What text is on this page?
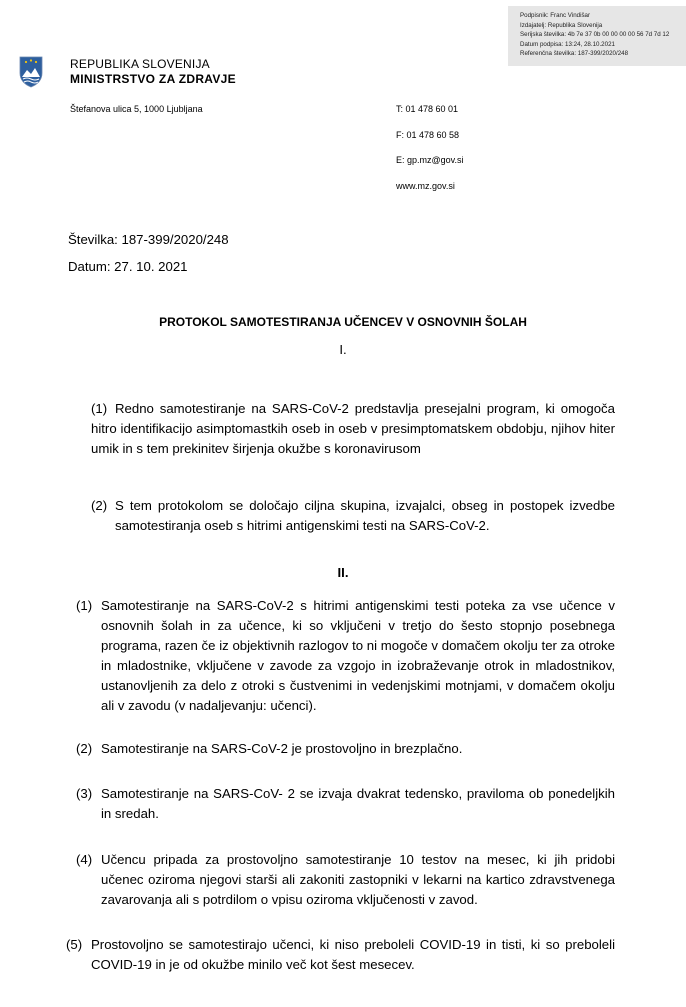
Podpisnik: Franc Vindišar
Izdajatelj: Republika Slovenija
Serijska številka: 4b 7e 37 0b 00 00 00 00 56 7d 7d 12
Datum podpisa: 13:24, 28.10.2021
Referenčna številka: 187-399/2020/248
REPUBLIKA SLOVENIJA
MINISTRSTVO ZA ZDRAVJE
Štefanova ulica 5, 1000 Ljubljana	T: 01 478 60 01
F: 01 478 60 58
E: gp.mz@gov.si
www.mz.gov.si
Številka: 187-399/2020/248
Datum: 27. 10. 2021
PROTOKOL SAMOTESTIRANJA UČENCEV V OSNOVNIH ŠOLAH
I.
(1) Redno samotestiranje na SARS-CoV-2 predstavlja presejalni program, ki omogoča hitro identifikacijo asimptomastkih oseb in oseb v presimptomatskem obdobju, njihov hiter umik in s tem prekinitev širjenja okužbe s koronavirusom
(2) S tem protokolom se določajo ciljna skupina, izvajalci, obseg in postopek izvedbe samotestiranja oseb s hitrimi antigenskimi testi na SARS-CoV-2.
II.
(1) Samotestiranje na SARS-CoV-2 s hitrimi antigenskimi testi poteka za vse učence v osnovnih šolah in za učence, ki so vključeni v tretjo do šesto stopnjo posebnega programa, razen če iz objektivnih razlogov to ni mogoče v domačem okolju ter za otroke in mladostnike, vključene v zavode za vzgojo in izobraževanje otrok in mladostnikov, ustanovljenih za delo z otroki s čustvenimi in vedenjskimi motnjami, v domačem okolju ali v zavodu (v nadaljevanju: učenci).
(2) Samotestiranje na SARS-CoV-2 je prostovoljno in brezplačno.
(3) Samotestiranje na SARS-CoV- 2 se izvaja dvakrat tedensko, praviloma ob ponedeljkih in sredah.
(4) Učencu pripada za prostovoljno samotestiranje 10 testov na mesec, ki jih pridobi učenec oziroma njegovi starši ali zakoniti zastopniki v lekarni na kartico zdravstvenega zavarovanja ali s potrdilom o vpisu oziroma vključenosti v zavod.
(5) Prostovoljno se samotestirajo učenci, ki niso preboleli COVID-19 in tisti, ki so preboleli COVID-19 in je od okužbe minilo več kot šest mesecev.
